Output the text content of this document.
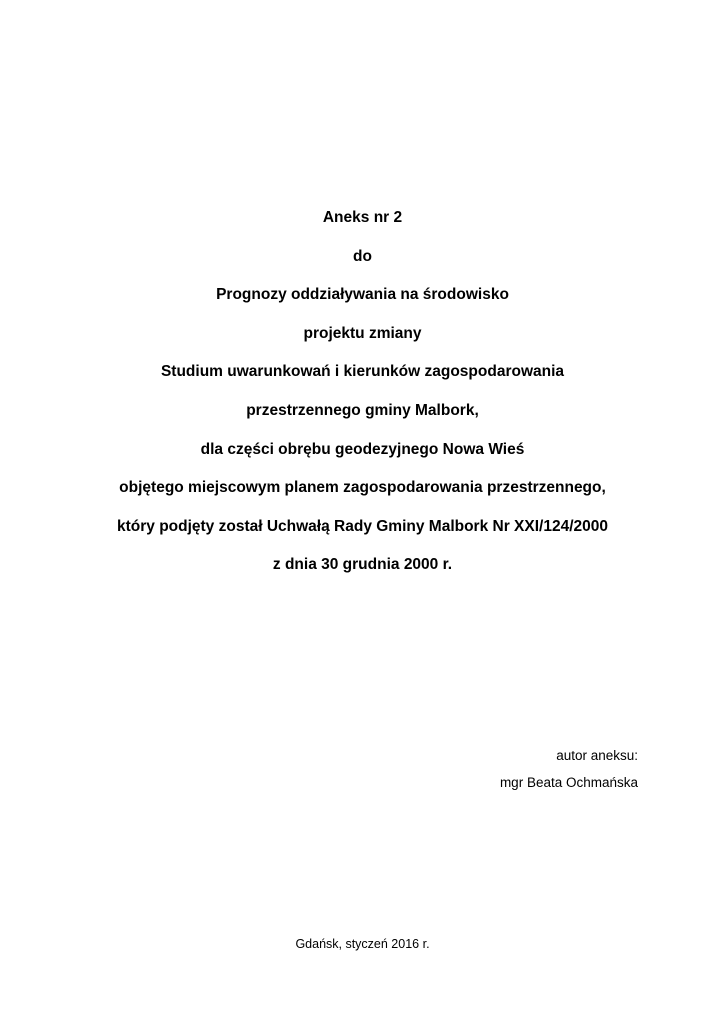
Aneks nr 2
do
Prognozy oddziaływania na środowisko
projektu zmiany
Studium uwarunkowań i kierunków zagospodarowania
przestrzennego gminy Malbork,
dla części obrębu geodezyjnego Nowa Wieś
objętego miejscowym planem zagospodarowania przestrzennego,
który podjęty został Uchwałą Rady Gminy Malbork Nr XXI/124/2000
z dnia 30 grudnia 2000 r.
autor aneksu:
mgr Beata Ochmańska
Gdańsk, styczeń 2016 r.
